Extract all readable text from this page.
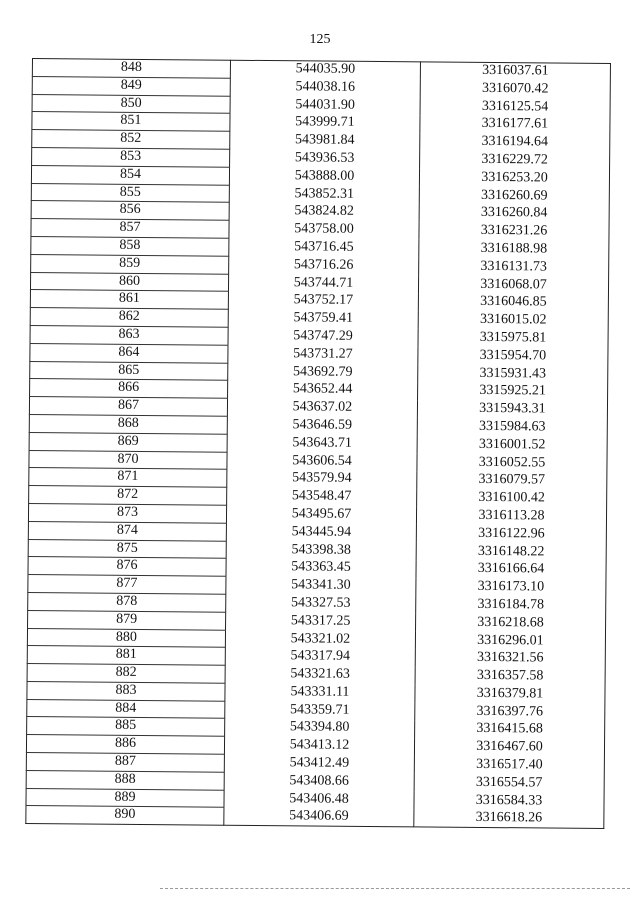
125
848	544035.90	3316037.61
849	544038.16	3316070.42
850	544031.90	3316125.54
851	543999.71	3316177.61
852	543981.84	3316194.64
853	543936.53	3316229.72
854	543888.00	3316253.20
855	543852.31	3316260.69
856	543824.82	3316260.84
857	543758.00	3316231.26
858	543716.45	3316188.98
859	543716.26	3316131.73
860	543744.71	3316068.07
861	543752.17	3316046.85
862	543759.41	3316015.02
863	543747.29	3315975.81
864	543731.27	3315954.70
865	543692.79	3315931.43
866	543652.44	3315925.21
867	543637.02	3315943.31
868	543646.59	3315984.63
869	543643.71	3316001.52
870	543606.54	3316052.55
871	543579.94	3316079.57
872	543548.47	3316100.42
873	543495.67	3316113.28
874	543445.94	3316122.96
875	543398.38	3316148.22
876	543363.45	3316166.64
877	543341.30	3316173.10
878	543327.53	3316184.78
879	543317.25	3316218.68
880	543321.02	3316296.01
881	543317.94	3316321.56
882	543321.63	3316357.58
883	543331.11	3316379.81
884	543359.71	3316397.76
885	543394.80	3316415.68
886	543413.12	3316467.60
887	543412.49	3316517.40
888	543408.66	3316554.57
889	543406.48	3316584.33
890	543406.69	3316618.26
